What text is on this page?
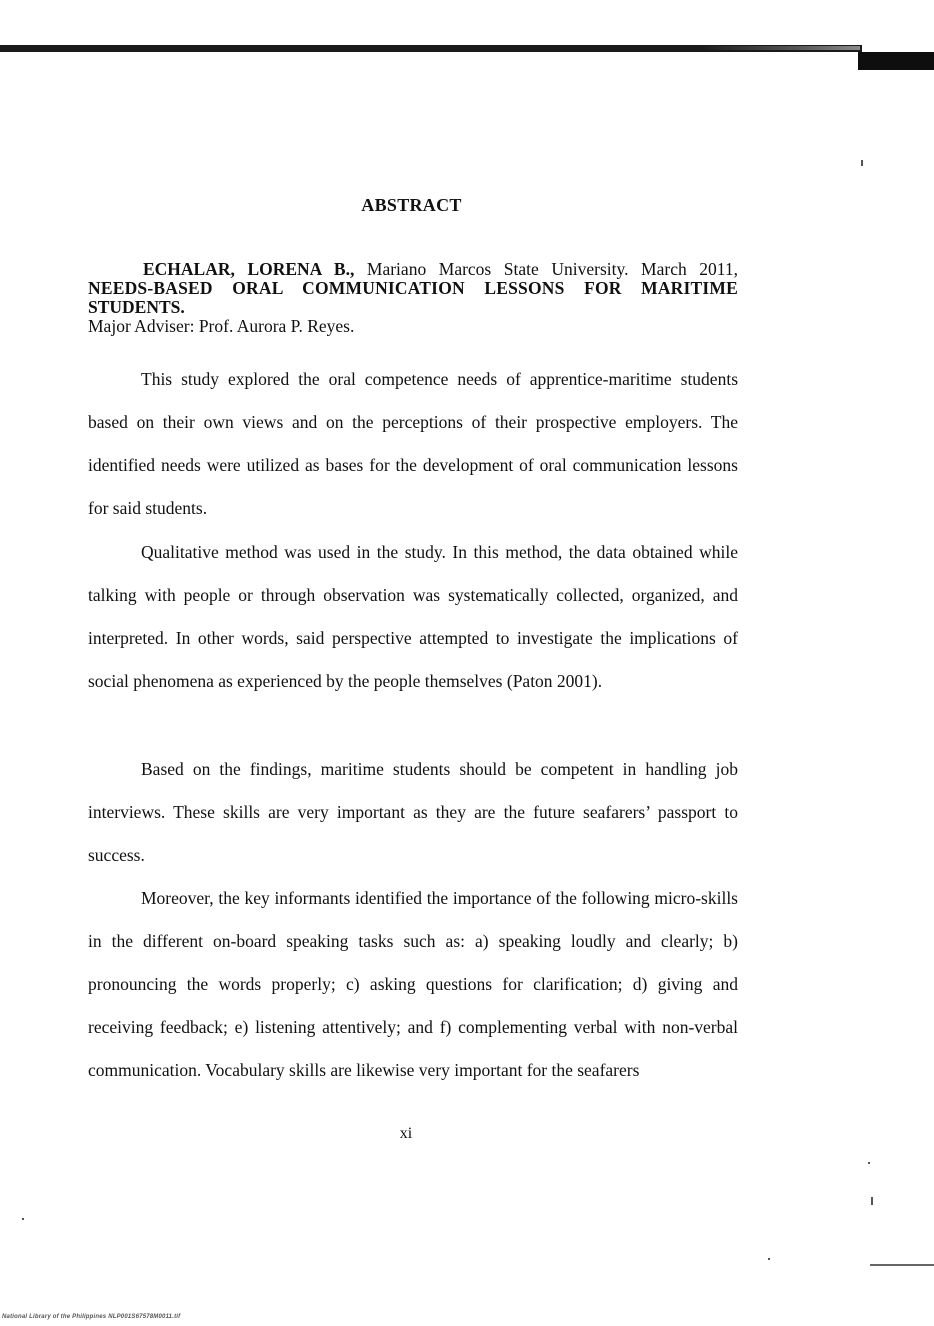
ABSTRACT
ECHALAR, LORENA B., Mariano Marcos State University. March 2011,
NEEDS-BASED ORAL COMMUNICATION LESSONS FOR MARITIME
STUDENTS.
Major Adviser: Prof. Aurora P. Reyes.

This study explored the oral competence needs of apprentice-maritime students based on their own views and on the perceptions of their prospective employers. The identified needs were utilized as bases for the development of oral communication lessons for said students.

Qualitative method was used in the study. In this method, the data obtained while talking with people or through observation was systematically collected, organized, and interpreted. In other words, said perspective attempted to investigate the implications of social phenomena as experienced by the people themselves (Paton 2001).

Based on the findings, maritime students should be competent in handling job interviews. These skills are very important as they are the future seafarers’ passport to success.

Moreover, the key informants identified the importance of the following micro-skills in the different on-board speaking tasks such as: a) speaking loudly and clearly; b) pronouncing the words properly; c) asking questions for clarification; d) giving and receiving feedback; e) listening attentively; and f) complementing verbal with non-verbal communication. Vocabulary skills are likewise very important for the seafarers

xi
National Library of the Philippines NLP001S67578M0011.tif
